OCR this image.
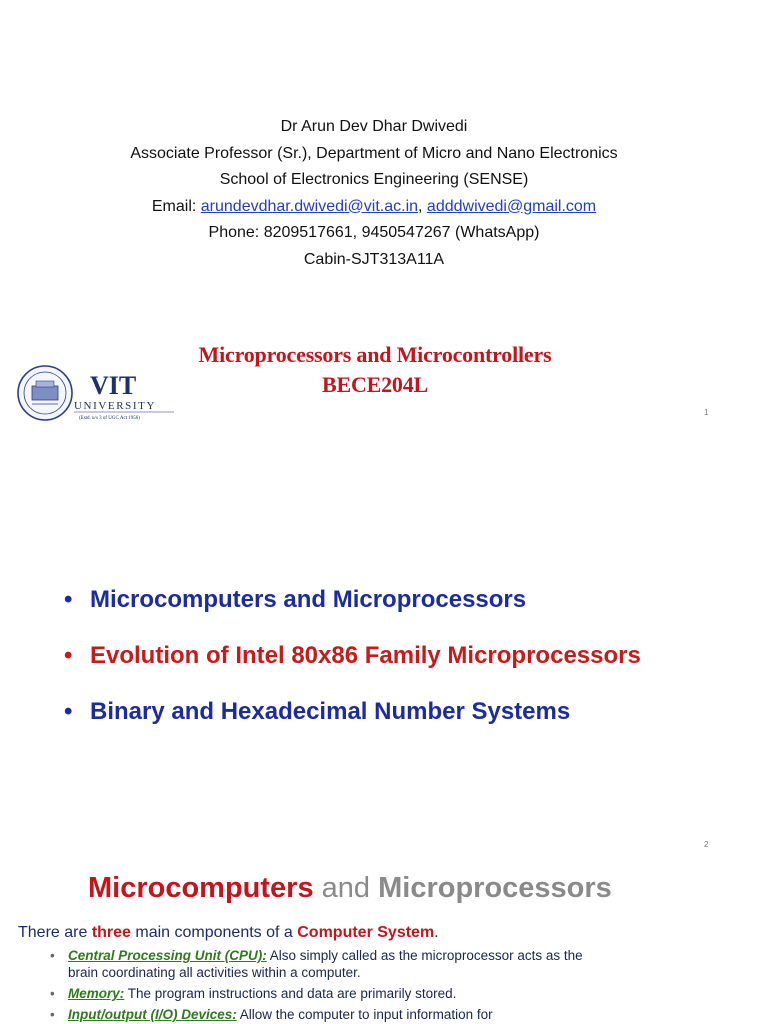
Dr Arun Dev Dhar Dwivedi
Associate Professor (Sr.), Department of Micro and Nano Electronics
School of Electronics Engineering (SENSE)
Email: arundevdhar.dwivedi@vit.ac.in, adddwivedi@gmail.com
Phone: 8209517661, 9450547267 (WhatsApp)
Cabin-SJT313A11A
VIT
UNIVERSITY
(Estd. u/s 3 of UGC Act 1956)
Microprocessors and Microcontrollers
BECE204L
1
• Microcomputers and Microprocessors
• Evolution of Intel 80x86 Family Microprocessors
• Binary and Hexadecimal Number Systems
2
Microcomputers and Microprocessors
There are three main components of a Computer System.
• Central Processing Unit (CPU): Also simply called as the microprocessor acts as the brain coordinating all activities within a computer.
• Memory: The program instructions and data are primarily stored.
• Input/output (I/O) Devices: Allow the computer to input information for
